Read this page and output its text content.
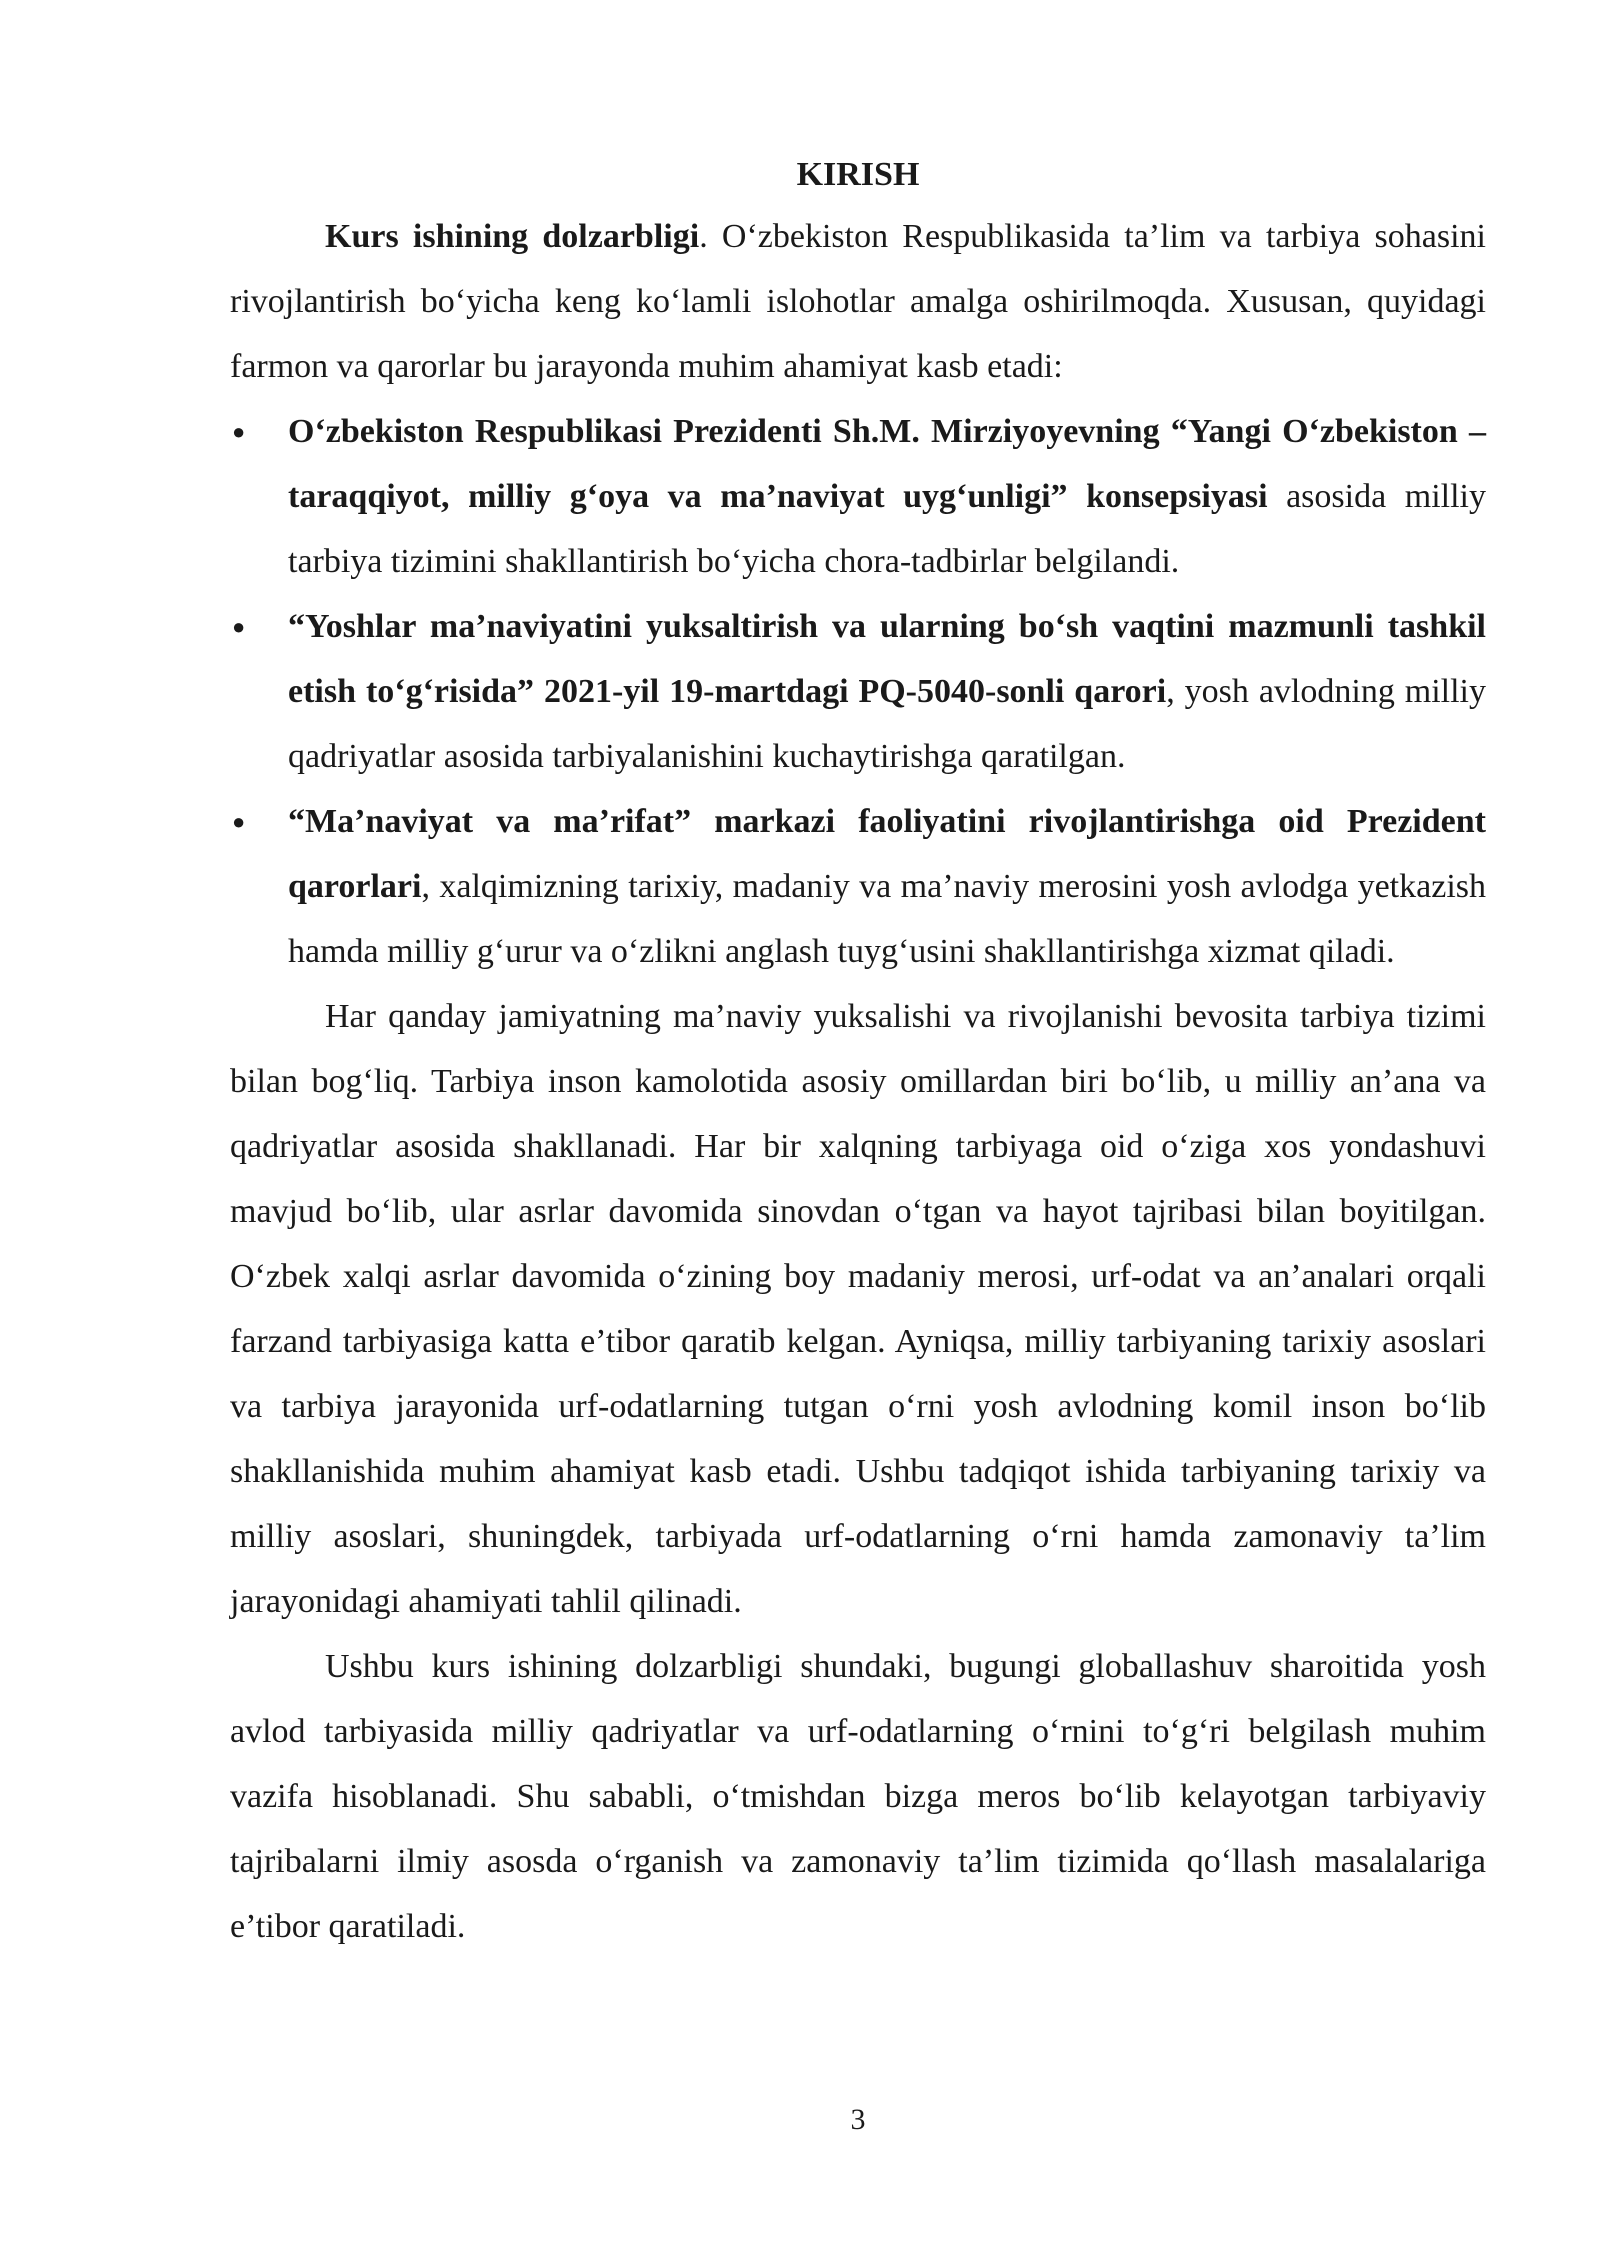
KIRISH

Kurs ishining dolzarbligi. O‘zbekiston Respublikasida ta’lim va tarbiya sohasini rivojlantirish bo‘yicha keng ko‘lamli islohotlar amalga oshirilmoqda. Xususan, quyidagi farmon va qarorlar bu jarayonda muhim ahamiyat kasb etadi:

● O‘zbekiston Respublikasi Prezidenti Sh.M. Mirziyoyevning “Yangi O‘zbekiston – taraqqiyot, milliy g‘oya va ma’naviyat uyg‘unligi” konsepsiyasi asosida milliy tarbiya tizimini shakllantirish bo‘yicha chora-tadbirlar belgilandi.
● “Yoshlar ma’naviyatini yuksaltirish va ularning bo‘sh vaqtini mazmunli tashkil etish to‘g‘risida” 2021-yil 19-martdagi PQ-5040-sonli qarori, yosh avlodning milliy qadriyatlar asosida tarbiyalanishini kuchaytirishga qaratilgan.
● “Ma’naviyat va ma’rifat” markazi faoliyatini rivojlantirishga oid Prezident qarorlari, xalqimizning tarixiy, madaniy va ma’naviy merosini yosh avlodga yetkazish hamda milliy g‘urur va o‘zlikni anglash tuyg‘usini shakllantirishga xizmat qiladi.

Har qanday jamiyatning ma’naviy yuksalishi va rivojlanishi bevosita tarbiya tizimi bilan bog‘liq. Tarbiya inson kamolotida asosiy omillardan biri bo‘lib, u milliy an’ana va qadriyatlar asosida shakllanadi. Har bir xalqning tarbiyaga oid o‘ziga xos yondashuvi mavjud bo‘lib, ular asrlar davomida sinovdan o‘tgan va hayot tajribasi bilan boyitilgan. O‘zbek xalqi asrlar davomida o‘zining boy madaniy merosi, urf-odat va an’analari orqali farzand tarbiyasiga katta e’tibor qaratib kelgan. Ayniqsa, milliy tarbiyaning tarixiy asoslari va tarbiya jarayonida urf-odatlarning tutgan o‘rni yosh avlodning komil inson bo‘lib shakllanishida muhim ahamiyat kasb etadi. Ushbu tadqiqot ishida tarbiyaning tarixiy va milliy asoslari, shuningdek, tarbiyada urf-odatlarning o‘rni hamda zamonaviy ta’lim jarayonidagi ahamiyati tahlil qilinadi.

Ushbu kurs ishining dolzarbligi shundaki, bugungi globallashuv sharoitida yosh avlod tarbiyasida milliy qadriyatlar va urf-odatlarning o‘rnini to‘g‘ri belgilash muhim vazifa hisoblanadi. Shu sababli, o‘tmishdan bizga meros bo‘lib kelayotgan tarbiyaviy tajribalarni ilmiy asosda o‘rganish va zamonaviy ta’lim tizimida qo‘llash masalalariga e’tibor qaratiladi.

3
